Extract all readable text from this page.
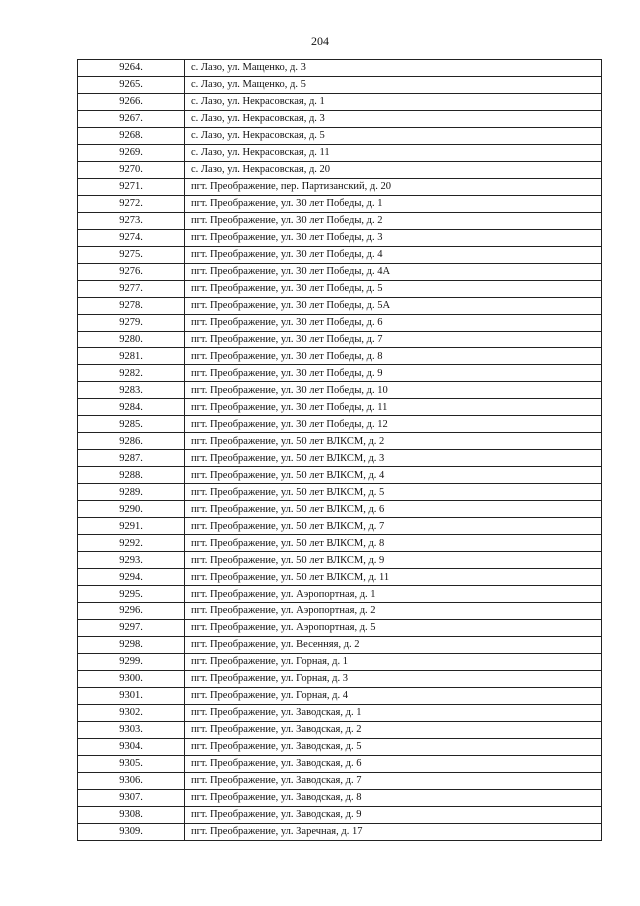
204
9264.	с. Лазо, ул. Мащенко, д. 3
9265.	с. Лазо, ул. Мащенко, д. 5
9266.	с. Лазо, ул. Некрасовская, д. 1
9267.	с. Лазо, ул. Некрасовская, д. 3
9268.	с. Лазо, ул. Некрасовская, д. 5
9269.	с. Лазо, ул. Некрасовская, д. 11
9270.	с. Лазо, ул. Некрасовская, д. 20
9271.	пгт. Преображение, пер. Партизанский, д. 20
9272.	пгт. Преображение, ул. 30 лет Победы, д. 1
9273.	пгт. Преображение, ул. 30 лет Победы, д. 2
9274.	пгт. Преображение, ул. 30 лет Победы, д. 3
9275.	пгт. Преображение, ул. 30 лет Победы, д. 4
9276.	пгт. Преображение, ул. 30 лет Победы, д. 4А
9277.	пгт. Преображение, ул. 30 лет Победы, д. 5
9278.	пгт. Преображение, ул. 30 лет Победы, д. 5А
9279.	пгт. Преображение, ул. 30 лет Победы, д. 6
9280.	пгт. Преображение, ул. 30 лет Победы, д. 7
9281.	пгт. Преображение, ул. 30 лет Победы, д. 8
9282.	пгт. Преображение, ул. 30 лет Победы, д. 9
9283.	пгт. Преображение, ул. 30 лет Победы, д. 10
9284.	пгт. Преображение, ул. 30 лет Победы, д. 11
9285.	пгт. Преображение, ул. 30 лет Победы, д. 12
9286.	пгт. Преображение, ул. 50 лет ВЛКСМ, д. 2
9287.	пгт. Преображение, ул. 50 лет ВЛКСМ, д. 3
9288.	пгт. Преображение, ул. 50 лет ВЛКСМ, д. 4
9289.	пгт. Преображение, ул. 50 лет ВЛКСМ, д. 5
9290.	пгт. Преображение, ул. 50 лет ВЛКСМ, д. 6
9291.	пгт. Преображение, ул. 50 лет ВЛКСМ, д. 7
9292.	пгт. Преображение, ул. 50 лет ВЛКСМ, д. 8
9293.	пгт. Преображение, ул. 50 лет ВЛКСМ, д. 9
9294.	пгт. Преображение, ул. 50 лет ВЛКСМ, д. 11
9295.	пгт. Преображение, ул. Аэропортная, д. 1
9296.	пгт. Преображение, ул. Аэропортная, д. 2
9297.	пгт. Преображение, ул. Аэропортная, д. 5
9298.	пгт. Преображение, ул. Весенняя, д. 2
9299.	пгт. Преображение, ул. Горная, д. 1
9300.	пгт. Преображение, ул. Горная, д. 3
9301.	пгт. Преображение, ул. Горная, д. 4
9302.	пгт. Преображение, ул. Заводская, д. 1
9303.	пгт. Преображение, ул. Заводская, д. 2
9304.	пгт. Преображение, ул. Заводская, д. 5
9305.	пгт. Преображение, ул. Заводская, д. 6
9306.	пгт. Преображение, ул. Заводская, д. 7
9307.	пгт. Преображение, ул. Заводская, д. 8
9308.	пгт. Преображение, ул. Заводская, д. 9
9309.	пгт. Преображение, ул. Заречная, д. 17
